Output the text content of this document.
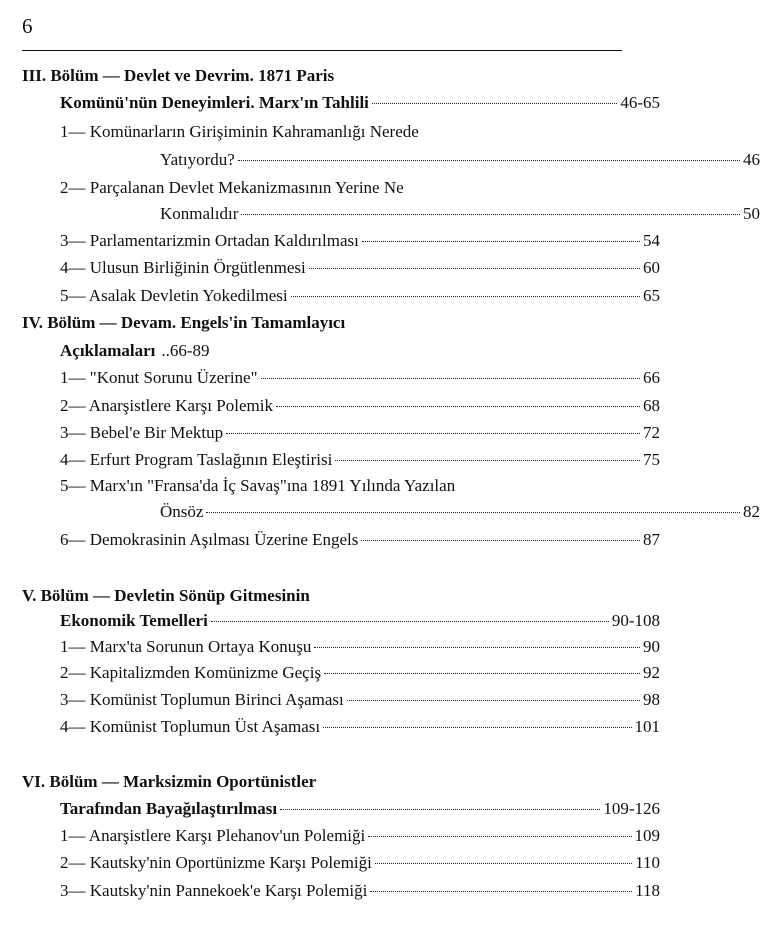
6
III. Bölüm — Devlet ve Devrim. 1871 Paris
Komünü'nün Deneyimleri. Marx'ın Tahlili	46-65
1— Komünarların Girişiminin Kahramanlığı Nerede
Yatıyordu?	46
2— Parçalanan Devlet Mekanizmasının Yerine Ne
Konmalıdır	50
3— Parlamentarizmin Ortadan Kaldırılması	54
4— Ulusun Birliğinin Örgütlenmesi	60
5— Asalak Devletin Yokedilmesi	65
IV. Bölüm — Devam. Engels'in Tamamlayıcı
Açıklamaları ..66-89
1— "Konut Sorunu Üzerine"	66
2— Anarşistlere Karşı Polemik	68
3— Bebel'e Bir Mektup	72
4— Erfurt Program Taslağının Eleştirisi	75
5— Marx'ın "Fransa'da İç Savaş"ına 1891 Yılında Yazılan
Önsöz	82
6— Demokrasinin Aşılması Üzerine Engels	87
V. Bölüm — Devletin Sönüp Gitmesinin
Ekonomik Temelleri	90-108
1— Marx'ta Sorunun Ortaya Konuşu	90
2— Kapitalizmden Komünizme Geçiş	92
3— Komünist Toplumun Birinci Aşaması	98
4— Komünist Toplumun Üst Aşaması	101
VI. Bölüm — Marksizmin Oportünistler
Tarafından Bayağılaştırılması	109-126
1— Anarşistlere Karşı Plehanov'un Polemiği	109
2— Kautsky'nin Oportünizme Karşı Polemiği	110
3— Kautsky'nin Pannekoek'e Karşı Polemiği	118
